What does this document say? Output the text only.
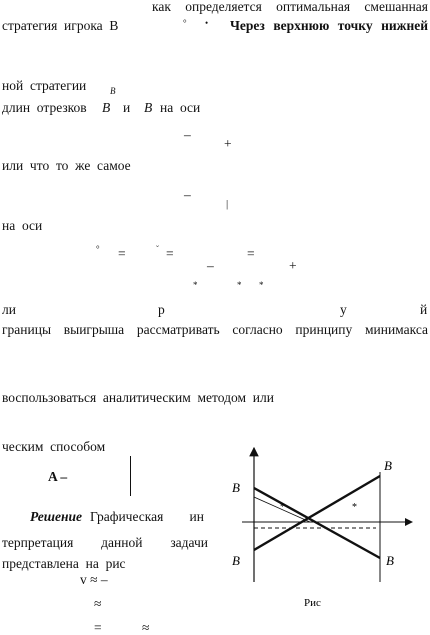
как определяется оптимальная смешанная
стратегия  игрока  B	° • Через верхнюю точку нижней
ной  стратегии	B
длин  отрезков B и B на  оси
–
+
или  что  то  же  самое
–
|
на  оси
° =	˘ =	=
–	+
*	* *
ли	р	у	й
границы выигрыша рассматривать согласно принципу минимакса
воспользоваться  аналитическим  методом  или
ческим  способом
A –
Решение Графическая ин
терпретация данной задачи
представлена  на  рис
v ≈ –
≈
=	≈
B
B
B	B
*	*
Рис
